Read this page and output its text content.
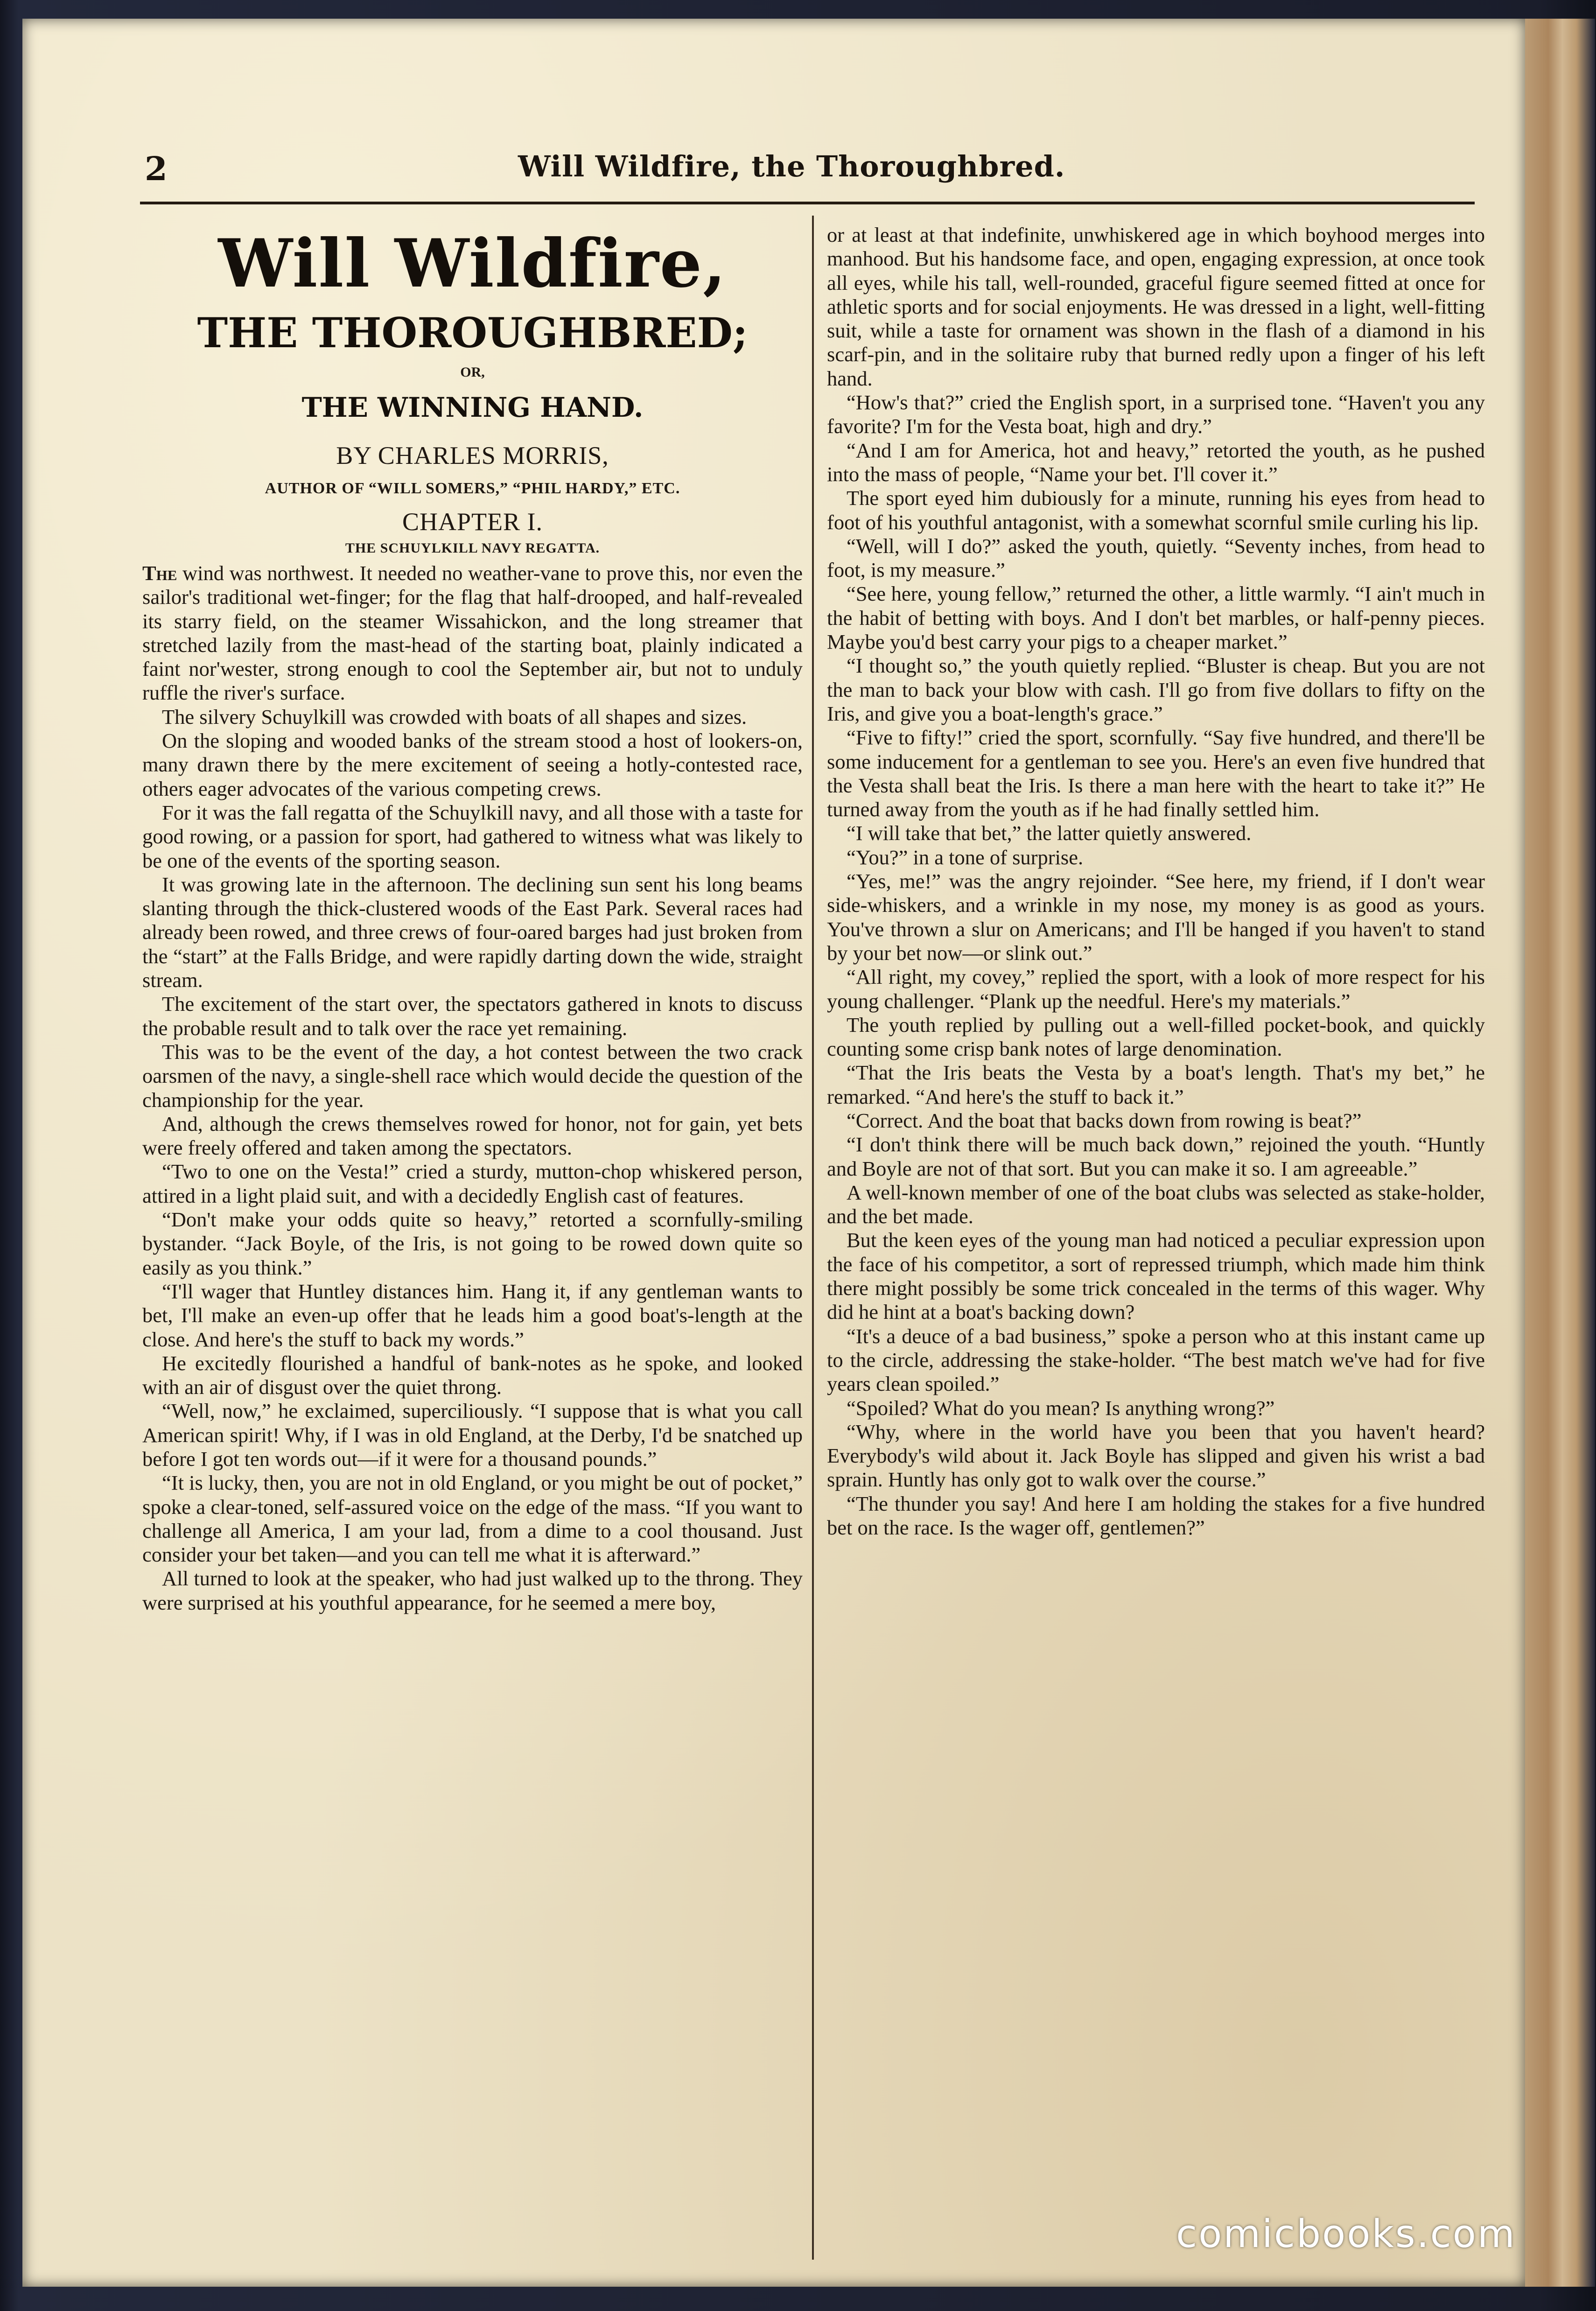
2	Will Wildfire, the Thoroughbred.
Will Wildfire,
THE THOROUGHBRED;
OR,
THE WINNING HAND.
BY CHARLES MORRIS,
AUTHOR OF “WILL SOMERS,” “PHIL HARDY,” ETC.
CHAPTER I.
THE SCHUYLKILL NAVY REGATTA.

The wind was northwest. It needed no weather-vane to prove this, nor even the sailor's traditional wet-finger; for the flag that half-drooped, and half-revealed its starry field, on the steamer Wissahickon, and the long streamer that stretched lazily from the mast-head of the starting boat, plainly indicated a faint nor'wester, strong enough to cool the September air, but not to unduly ruffle the river's surface.

The silvery Schuylkill was crowded with boats of all shapes and sizes.

On the sloping and wooded banks of the stream stood a host of lookers-on, many drawn there by the mere excitement of seeing a hotly-contested race, others eager advocates of the various competing crews.

For it was the fall regatta of the Schuylkill navy, and all those with a taste for good rowing, or a passion for sport, had gathered to witness what was likely to be one of the events of the sporting season.

It was growing late in the afternoon. The declining sun sent his long beams slanting through the thick-clustered woods of the East Park. Several races had already been rowed, and three crews of four-oared barges had just broken from the “start” at the Falls Bridge, and were rapidly darting down the wide, straight stream.

The excitement of the start over, the spectators gathered in knots to discuss the probable result and to talk over the race yet remaining.

This was to be the event of the day, a hot contest between the two crack oarsmen of the navy, a single-shell race which would decide the question of the championship for the year.

And, although the crews themselves rowed for honor, not for gain, yet bets were freely offered and taken among the spectators.

“Two to one on the Vesta!” cried a sturdy, mutton-chop whiskered person, attired in a light plaid suit, and with a decidedly English cast of features.

“Don't make your odds quite so heavy,” retorted a scornfully-smiling bystander. “Jack Boyle, of the Iris, is not going to be rowed down quite so easily as you think.”

“I'll wager that Huntley distances him. Hang it, if any gentleman wants to bet, I'll make an even-up offer that he leads him a good boat's-length at the close. And here's the stuff to back my words.”

He excitedly flourished a handful of bank-notes as he spoke, and looked with an air of disgust over the quiet throng.

“Well, now,” he exclaimed, superciliously. “I suppose that is what you call American spirit! Why, if I was in old England, at the Derby, I'd be snatched up before I got ten words out—if it were for a thousand pounds.”

“It is lucky, then, you are not in old England, or you might be out of pocket,” spoke a clear-toned, self-assured voice on the edge of the mass. “If you want to challenge all America, I am your lad, from a dime to a cool thousand. Just consider your bet taken—and you can tell me what it is afterward.”

All turned to look at the speaker, who had just walked up to the throng. They were surprised at his youthful appearance, for he seemed a mere boy,

or at least at that indefinite, unwhiskered age in which boyhood merges into manhood. But his handsome face, and open, engaging expression, at once took all eyes, while his tall, well-rounded, graceful figure seemed fitted at once for athletic sports and for social enjoyments. He was dressed in a light, well-fitting suit, while a taste for ornament was shown in the flash of a diamond in his scarf-pin, and in the solitaire ruby that burned redly upon a finger of his left hand.

“How's that?” cried the English sport, in a surprised tone. “Haven't you any favorite? I'm for the Vesta boat, high and dry.”

“And I am for America, hot and heavy,” retorted the youth, as he pushed into the mass of people, “Name your bet. I'll cover it.”

The sport eyed him dubiously for a minute, running his eyes from head to foot of his youthful antagonist, with a somewhat scornful smile curling his lip.

“Well, will I do?” asked the youth, quietly. “Seventy inches, from head to foot, is my measure.”

“See here, young fellow,” returned the other, a little warmly. “I ain't much in the habit of betting with boys. And I don't bet marbles, or half-penny pieces. Maybe you'd best carry your pigs to a cheaper market.”

“I thought so,” the youth quietly replied. “Bluster is cheap. But you are not the man to back your blow with cash. I'll go from five dollars to fifty on the Iris, and give you a boat-length's grace.”

“Five to fifty!” cried the sport, scornfully. “Say five hundred, and there'll be some inducement for a gentleman to see you. Here's an even five hundred that the Vesta shall beat the Iris. Is there a man here with the heart to take it?” He turned away from the youth as if he had finally settled him.

“I will take that bet,” the latter quietly answered.

“You?” in a tone of surprise.

“Yes, me!” was the angry rejoinder. “See here, my friend, if I don't wear side-whiskers, and a wrinkle in my nose, my money is as good as yours. You've thrown a slur on Americans; and I'll be hanged if you haven't to stand by your bet now—or slink out.”

“All right, my covey,” replied the sport, with a look of more respect for his young challenger. “Plank up the needful. Here's my materials.”

The youth replied by pulling out a well-filled pocket-book, and quickly counting some crisp bank notes of large denomination.

“That the Iris beats the Vesta by a boat's length. That's my bet,” he remarked. “And here's the stuff to back it.”

“Correct. And the boat that backs down from rowing is beat?”

“I don't think there will be much back down,” rejoined the youth. “Huntly and Boyle are not of that sort. But you can make it so. I am agreeable.”

A well-known member of one of the boat clubs was selected as stake-holder, and the bet made.

But the keen eyes of the young man had noticed a peculiar expression upon the face of his competitor, a sort of repressed triumph, which made him think there might possibly be some trick concealed in the terms of this wager. Why did he hint at a boat's backing down?

“It's a deuce of a bad business,” spoke a person who at this instant came up to the circle, addressing the stake-holder. “The best match we've had for five years clean spoiled.”

“Spoiled? What do you mean? Is anything wrong?”

“Why, where in the world have you been that you haven't heard? Everybody's wild about it. Jack Boyle has slipped and given his wrist a bad sprain. Huntly has only got to walk over the course.”

“The thunder you say! And here I am holding the stakes for a five hundred bet on the race. Is the wager off, gentlemen?”

comicbooks.com
